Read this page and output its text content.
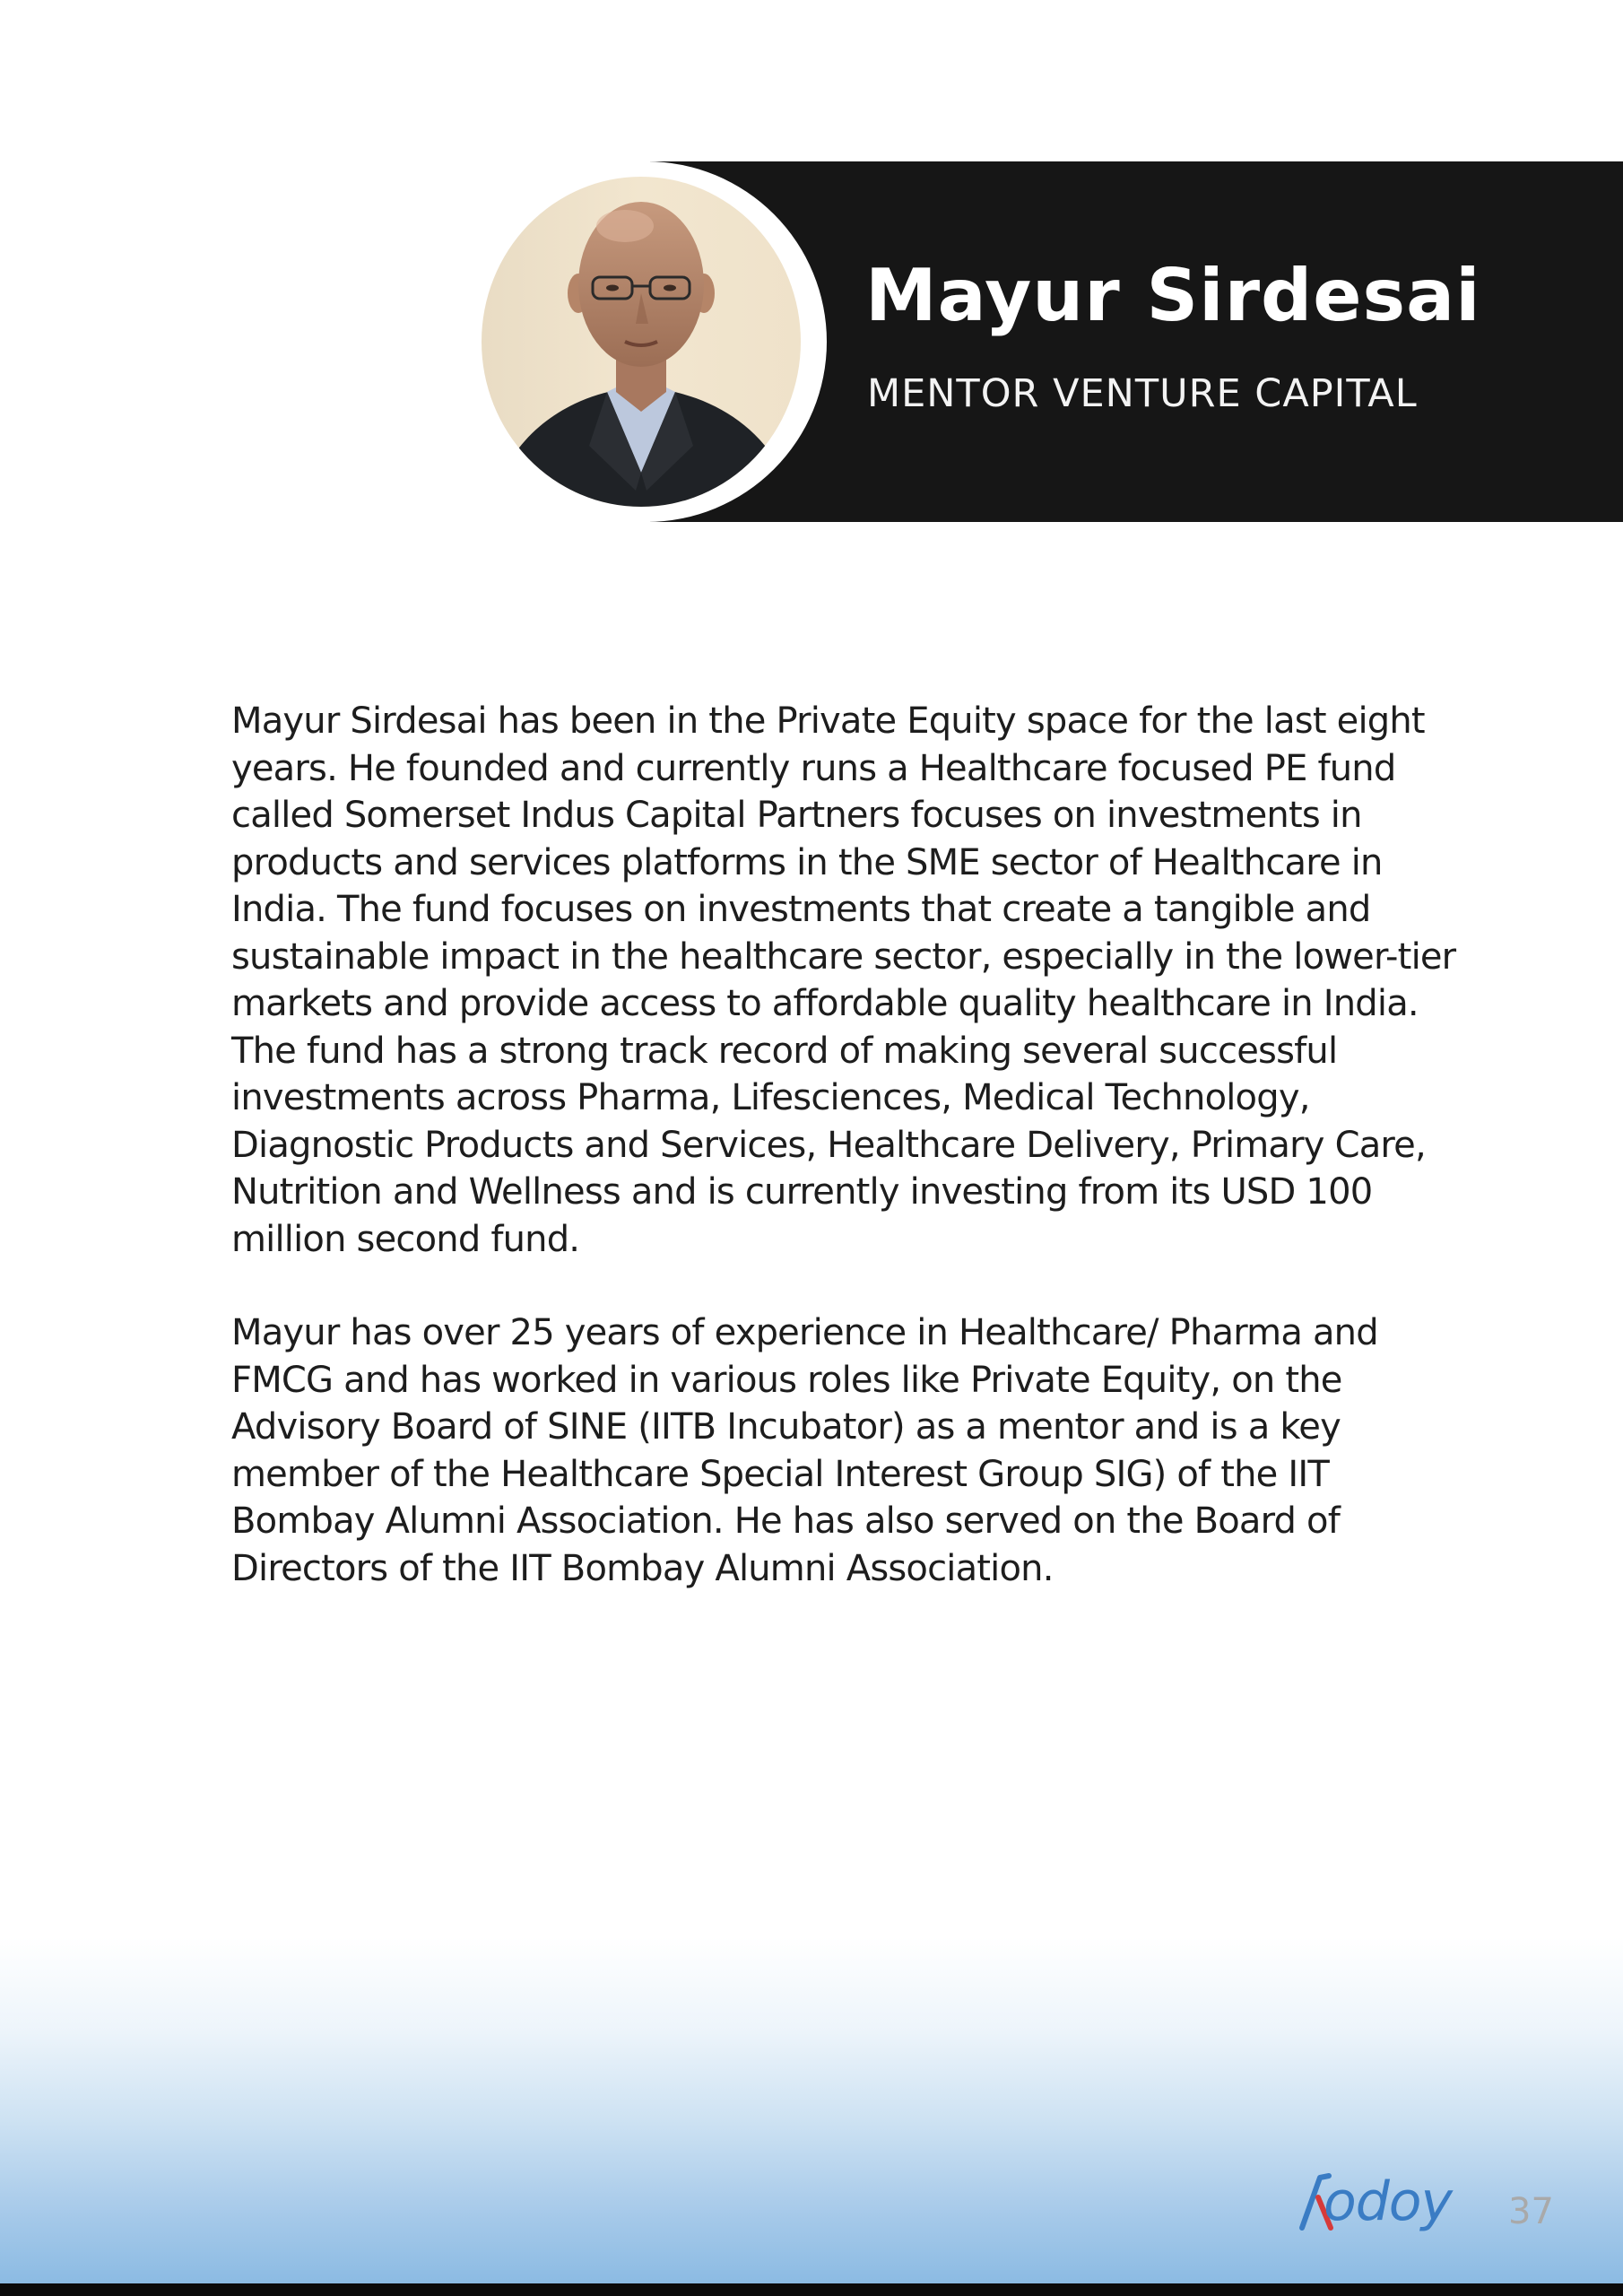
Mayur Sirdesai
MENTOR VENTURE CAPITAL

Mayur Sirdesai has been in the Private Equity space for the last eight
years. He founded and currently runs a Healthcare focused PE fund
called Somerset Indus Capital Partners focuses on investments in
products and services platforms in the SME sector of Healthcare in
India. The fund focuses on investments that create a tangible and
sustainable impact in the healthcare sector, especially in the lower-tier
markets and provide access to affordable quality healthcare in India.
The fund has a strong track record of making several successful
investments across Pharma, Lifesciences, Medical Technology,
Diagnostic Products and Services, Healthcare Delivery, Primary Care,
Nutrition and Wellness and is currently investing from its USD 100
million second fund.

Mayur has over 25 years of experience in Healthcare/ Pharma and
FMCG and has worked in various roles like Private Equity, on the
Advisory Board of SINE (IITB Incubator) as a mentor and is a key
member of the Healthcare Special Interest Group SIG) of the IIT
Bombay Alumni Association. He has also served on the Board of
Directors of the IIT Bombay Alumni Association.

odoy 37
